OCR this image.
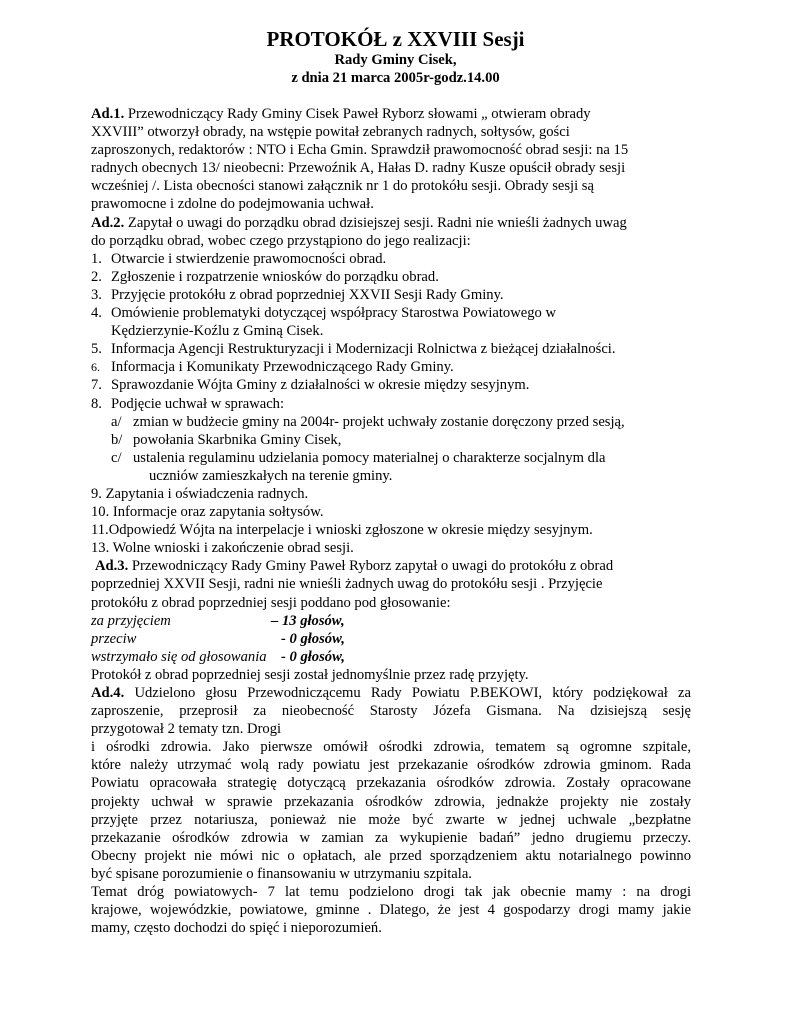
PROTOKÓŁ z XXVIII Sesji
Rady Gminy Cisek,
z dnia 21 marca 2005r-godz.14.00
Ad.1. Przewodniczący Rady Gminy Cisek Paweł Ryborz słowami „ otwieram obrady
XXVIII” otworzył obrady, na wstępie powitał zebranych radnych, sołtysów, gości
zaproszonych, redaktorów : NTO i Echa Gmin. Sprawdził prawomocność obrad sesji: na 15
radnych obecnych 13/ nieobecni: Przewoźnik A, Hałas D. radny Kusze opuścił obrady sesji
wcześniej /. Lista obecności stanowi załącznik nr 1 do protokółu sesji. Obrady sesji są
prawomocne i zdolne do podejmowania uchwał.
Ad.2. Zapytał o uwagi do porządku obrad dzisiejszej sesji. Radni nie wnieśli żadnych uwag
do porządku obrad, wobec czego przystąpiono do jego realizacji:
1. Otwarcie i stwierdzenie prawomocności obrad.
2. Zgłoszenie i rozpatrzenie wniosków do porządku obrad.
3. Przyjęcie protokółu z obrad poprzedniej XXVII Sesji Rady Gminy.
4. Omówienie problematyki dotyczącej współpracy Starostwa Powiatowego w
Kędzierzynie-Koźlu z Gminą Cisek.
5. Informacja Agencji Restrukturyzacji i Modernizacji Rolnictwa z bieżącej działalności.
6. Informacja i Komunikaty Przewodniczącego Rady Gminy.
7. Sprawozdanie Wójta Gminy z działalności w okresie między sesyjnym.
8. Podjęcie uchwał w sprawach:
a/ zmian w budżecie gminy na 2004r- projekt uchwały zostanie doręczony przed sesją,
b/ powołania Skarbnika Gminy Cisek,
c/ ustalenia regulaminu udzielania pomocy materialnej o charakterze socjalnym dla
uczniów zamieszkałych na terenie gminy.
9. Zapytania i oświadczenia radnych.
10. Informacje oraz zapytania sołtysów.
11.Odpowiedź Wójta na interpelacje i wnioski zgłoszone w okresie między sesyjnym.
13. Wolne wnioski i zakończenie obrad sesji.
Ad.3. Przewodniczący Rady Gminy Paweł Ryborz zapytał o uwagi do protokółu z obrad
poprzedniej XXVII Sesji, radni nie wnieśli żadnych uwag do protokółu sesji . Przyjęcie
protokółu z obrad poprzedniej sesji poddano pod głosowanie:
za przyjęciem	– 13 głosów,
przeciw	- 0 głosów,
wstrzymało się od głosowania - 0 głosów,
Protokół z obrad poprzedniej sesji został jednomyślnie przez radę przyjęty.
Ad.4. Udzielono głosu Przewodniczącemu Rady Powiatu P.BEKOWI, który podziękował za
zaproszenie, przeprosił za nieobecność Starosty Józefa Gismana. Na dzisiejszą sesję
przygotował 2 tematy tzn. Drogi
i ośrodki zdrowia. Jako pierwsze omówił ośrodki zdrowia, tematem są ogromne szpitale,
które należy utrzymać wolą rady powiatu jest przekazanie ośrodków zdrowia gminom. Rada
Powiatu opracowała strategię dotyczącą przekazania ośrodków zdrowia. Zostały opracowane
projekty uchwał w sprawie przekazania ośrodków zdrowia, jednakże projekty nie zostały
przyjęte przez notariusza, ponieważ nie może być zwarte w jednej uchwale „bezpłatne
przekazanie ośrodków zdrowia w zamian za wykupienie badań” jedno drugiemu przeczy.
Obecny projekt nie mówi nic o opłatach, ale przed sporządzeniem aktu notarialnego powinno
być spisane porozumienie o finansowaniu w utrzymaniu szpitala.
Temat dróg powiatowych- 7 lat temu podzielono drogi tak jak obecnie mamy : na drogi
krajowe, wojewódzkie, powiatowe, gminne . Dlatego, że jest 4 gospodarzy drogi mamy jakie
mamy, często dochodzi do spięć i nieporozumień.
